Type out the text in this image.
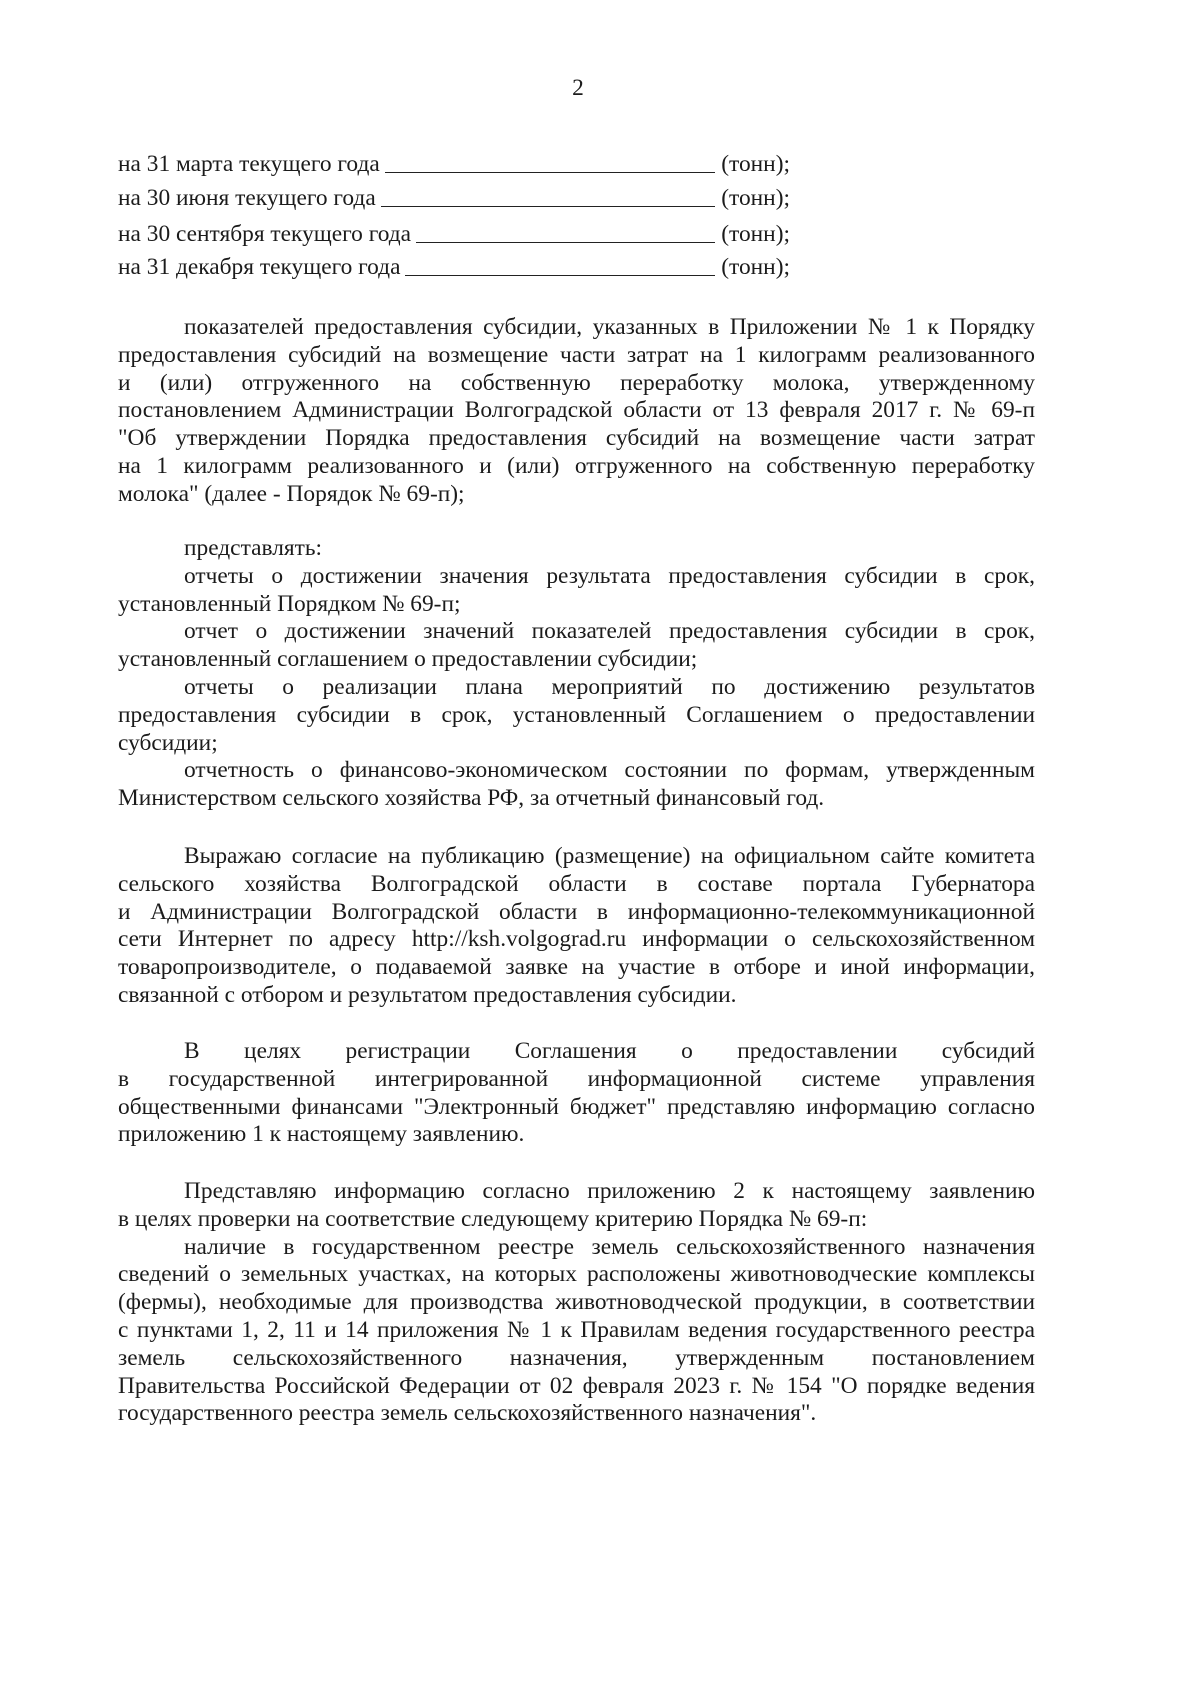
2
на 31 марта текущего года	(тонн);
на 30 июня текущего года	(тонн);
на 30 сентября текущего года	(тонн);
на 31 декабря текущего года	(тонн);
показателей предоставления субсидии, указанных в Приложении № 1 к Порядку
предоставления субсидий на возмещение части затрат на 1 килограмм реализованного
и (или) отгруженного на собственную переработку молока, утвержденному
постановлением Администрации Волгоградской области от 13 февраля 2017 г. № 69-п
"Об утверждении Порядка предоставления субсидий на возмещение части затрат
на 1 килограмм реализованного и (или) отгруженного на собственную переработку
молока" (далее - Порядок № 69-п);
представлять:
отчеты о достижении значения результата предоставления субсидии в срок,
установленный Порядком № 69-п;
отчет о достижении значений показателей предоставления субсидии в срок,
установленный соглашением о предоставлении субсидии;
отчеты о реализации плана мероприятий по достижению результатов
предоставления субсидии в срок, установленный Соглашением о предоставлении
субсидии;
отчетность о финансово-экономическом состоянии по формам, утвержденным
Министерством сельского хозяйства РФ, за отчетный финансовый год.
Выражаю согласие на публикацию (размещение) на официальном сайте комитета
сельского хозяйства Волгоградской области в составе портала Губернатора
и Администрации Волгоградской области в информационно-телекоммуникационной
сети Интернет по адресу http://ksh.volgograd.ru информации о сельскохозяйственном
товаропроизводителе, о подаваемой заявке на участие в отборе и иной информации,
связанной с отбором и результатом предоставления субсидии.
В целях регистрации Соглашения о предоставлении субсидий
в государственной интегрированной информационной системе управления
общественными финансами "Электронный бюджет" представляю информацию согласно
приложению 1 к настоящему заявлению.
Представляю информацию согласно приложению 2 к настоящему заявлению
в целях проверки на соответствие следующему критерию Порядка № 69-п:
наличие в государственном реестре земель сельскохозяйственного назначения
сведений о земельных участках, на которых расположены животноводческие комплексы
(фермы), необходимые для производства животноводческой продукции, в соответствии
с пунктами 1, 2, 11 и 14 приложения № 1 к Правилам ведения государственного реестра
земель сельскохозяйственного назначения, утвержденным постановлением
Правительства Российской Федерации от 02 февраля 2023 г. № 154 "О порядке ведения
государственного реестра земель сельскохозяйственного назначения".
